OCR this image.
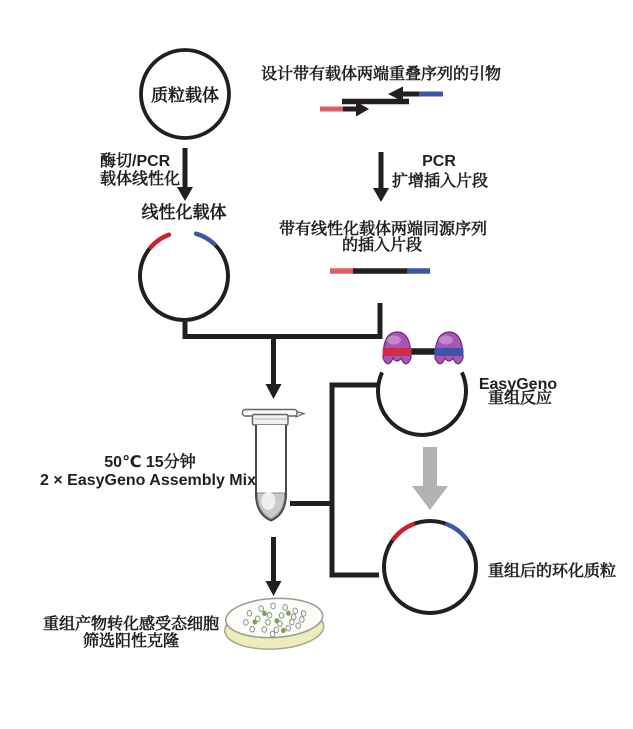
质粒载体
设计带有载体两端重叠序列的引物
酶切/PCR
载体线性化
PCR
扩增插入片段
线性化载体
带有线性化载体两端同源序列
的插入片段
50℃ 15分钟
2 × EasyGeno Assembly Mix
EasyGeno
重组反应
重组后的环化质粒
重组产物转化感受态细胞
筛选阳性克隆
